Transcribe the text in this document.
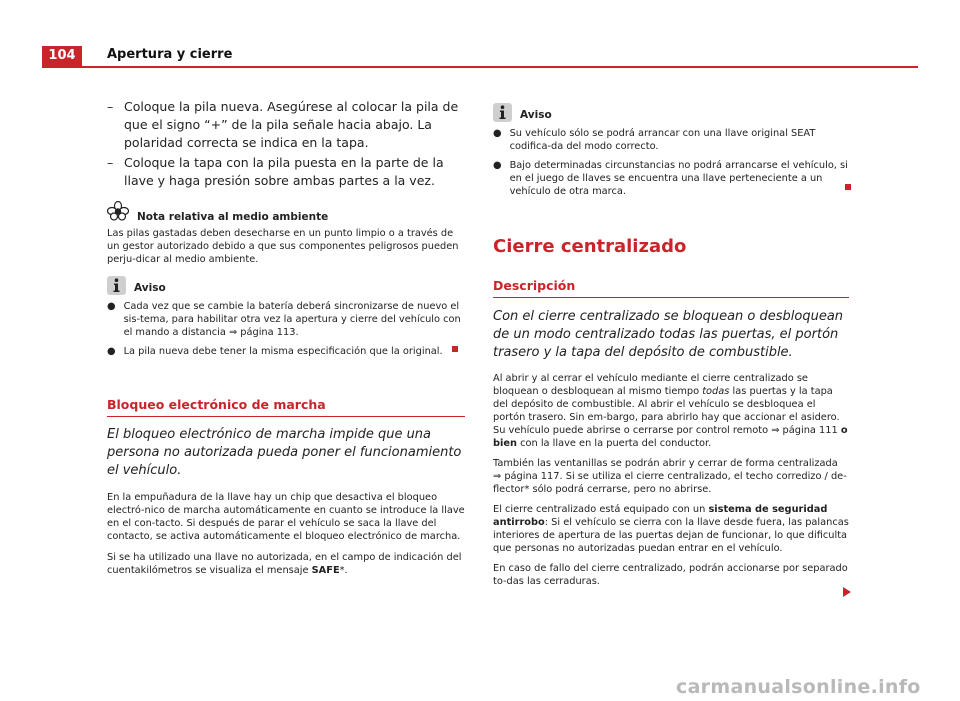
104	Apertura y cierre
– Coloque la pila nueva. Asegúrese al colocar la pila de que el signo “+” de la pila señale hacia abajo. La polaridad correcta se indica en la tapa.
– Coloque la tapa con la pila puesta en la parte de la llave y haga presión sobre ambas partes a la vez.
Nota relativa al medio ambiente
Las pilas gastadas deben desecharse en un punto limpio o a través de un gestor autorizado debido a que sus componentes peligrosos pueden perju-dicar al medio ambiente.
Aviso
● Cada vez que se cambie la batería deberá sincronizarse de nuevo el sis-tema, para habilitar otra vez la apertura y cierre del vehículo con el mando a distancia ⇒ página 113.
● La pila nueva debe tener la misma especificación que la original.
Bloqueo electrónico de marcha
El bloqueo electrónico de marcha impide que una persona no autorizada pueda poner el funcionamiento el vehículo.
En la empuñadura de la llave hay un chip que desactiva el bloqueo electró-nico de marcha automáticamente en cuanto se introduce la llave en el con-tacto. Si después de parar el vehículo se saca la llave del contacto, se activa automáticamente el bloqueo electrónico de marcha.
Si se ha utilizado una llave no autorizada, en el campo de indicación del cuentakilómetros se visualiza el mensaje SAFE*.
Aviso
● Su vehículo sólo se podrá arrancar con una llave original SEAT codifica-da del modo correcto.
● Bajo determinadas circunstancias no podrá arrancarse el vehículo, si en el juego de llaves se encuentra una llave perteneciente a un vehículo de otra marca.
Cierre centralizado
Descripción
Con el cierre centralizado se bloquean o desbloquean de un modo centralizado todas las puertas, el portón trasero y la tapa del depósito de combustible.
Al abrir y al cerrar el vehículo mediante el cierre centralizado se bloquean o desbloquean al mismo tiempo todas las puertas y la tapa del depósito de combustible. Al abrir el vehículo se desbloquea el portón trasero. Sin em-bargo, para abrirlo hay que accionar el asidero. Su vehículo puede abrirse o cerrarse por control remoto ⇒ página 111 o bien con la llave en la puerta del conductor.
También las ventanillas se podrán abrir y cerrar de forma centralizada ⇒ página 117. Si se utiliza el cierre centralizado, el techo corredizo / de-flector* sólo podrá cerrarse, pero no abrirse.
El cierre centralizado está equipado con un sistema de seguridad antirrobo: Si el vehículo se cierra con la llave desde fuera, las palancas interiores de apertura de las puertas dejan de funcionar, lo que dificulta que personas no autorizadas puedan entrar en el vehículo.
En caso de fallo del cierre centralizado, podrán accionarse por separado to-das las cerraduras.
carmanualsonline.info
